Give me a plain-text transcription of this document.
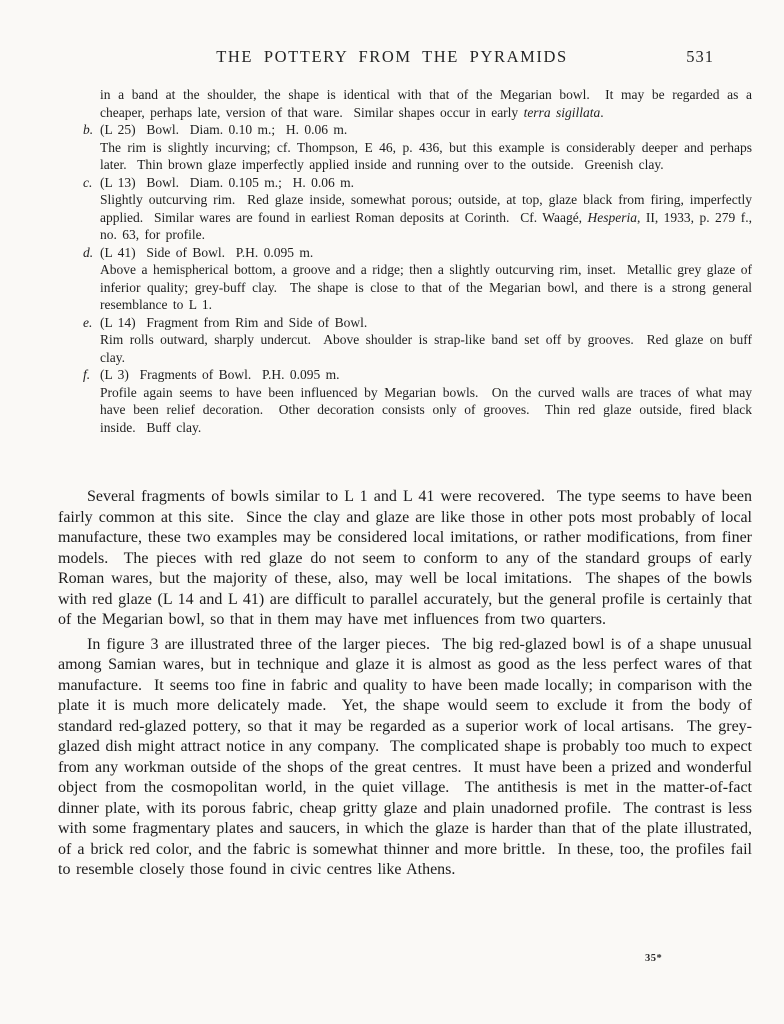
THE POTTERY FROM THE PYRAMIDS	531

in a band at the shoulder, the shape is identical with that of the Megarian bowl.  It may be regarded as a cheaper, perhaps late, version of that ware.  Similar shapes occur in early terra sigillata.

b. (L 25)  Bowl.  Diam. 0.10 m.;  H. 0.06 m.
The rim is slightly incurving; cf. Thompson, E 46, p. 436, but this example is considerably deeper and perhaps later.  Thin brown glaze imperfectly applied inside and running over to the outside.  Greenish clay.
c. (L 13)  Bowl.  Diam. 0.105 m.;  H. 0.06 m.
Slightly outcurving rim.  Red glaze inside, somewhat porous; outside, at top, glaze black from firing, imperfectly applied.  Similar wares are found in earliest Roman deposits at Corinth.  Cf. Waagé, Hesperia, II, 1933, p. 279 f., no. 63, for profile.
d. (L 41)  Side of Bowl.  P.H. 0.095 m.
Above a hemispherical bottom, a groove and a ridge; then a slightly outcurving rim, inset.  Metallic grey glaze of inferior quality; grey-buff clay.  The shape is close to that of the Megarian bowl, and there is a strong general resemblance to L 1.
e. (L 14)  Fragment from Rim and Side of Bowl.
Rim rolls outward, sharply undercut.  Above shoulder is strap-like band set off by grooves.  Red glaze on buff clay.
f. (L 3)  Fragments of Bowl.  P.H. 0.095 m.
Profile again seems to have been influenced by Megarian bowls.  On the curved walls are traces of what may have been relief decoration.  Other decoration consists only of grooves.  Thin red glaze outside, fired black inside.  Buff clay.

Several fragments of bowls similar to L 1 and L 41 were recovered.  The type seems to have been fairly common at this site.  Since the clay and glaze are like those in other pots most probably of local manufacture, these two examples may be considered local imitations, or rather modifications, from finer models.  The pieces with red glaze do not seem to conform to any of the standard groups of early Roman wares, but the majority of these, also, may well be local imitations.  The shapes of the bowls with red glaze (L 14 and L 41) are difficult to parallel accurately, but the general profile is certainly that of the Megarian bowl, so that in them may have met influences from two quarters.

In figure 3 are illustrated three of the larger pieces.  The big red-glazed bowl is of a shape unusual among Samian wares, but in technique and glaze it is almost as good as the less perfect wares of that manufacture.  It seems too fine in fabric and quality to have been made locally; in comparison with the plate it is much more delicately made.  Yet, the shape would seem to exclude it from the body of standard red-glazed pottery, so that it may be regarded as a superior work of local artisans.  The grey-glazed dish might attract notice in any company.  The complicated shape is probably too much to expect from any workman outside of the shops of the great centres.  It must have been a prized and wonderful object from the cosmopolitan world, in the quiet village.  The antithesis is met in the matter-of-fact dinner plate, with its porous fabric, cheap gritty glaze and plain unadorned profile.  The contrast is less with some fragmentary plates and saucers, in which the glaze is harder than that of the plate illustrated, of a brick red color, and the fabric is somewhat thinner and more brittle.  In these, too, the profiles fail to resemble closely those found in civic centres like Athens.

35*
